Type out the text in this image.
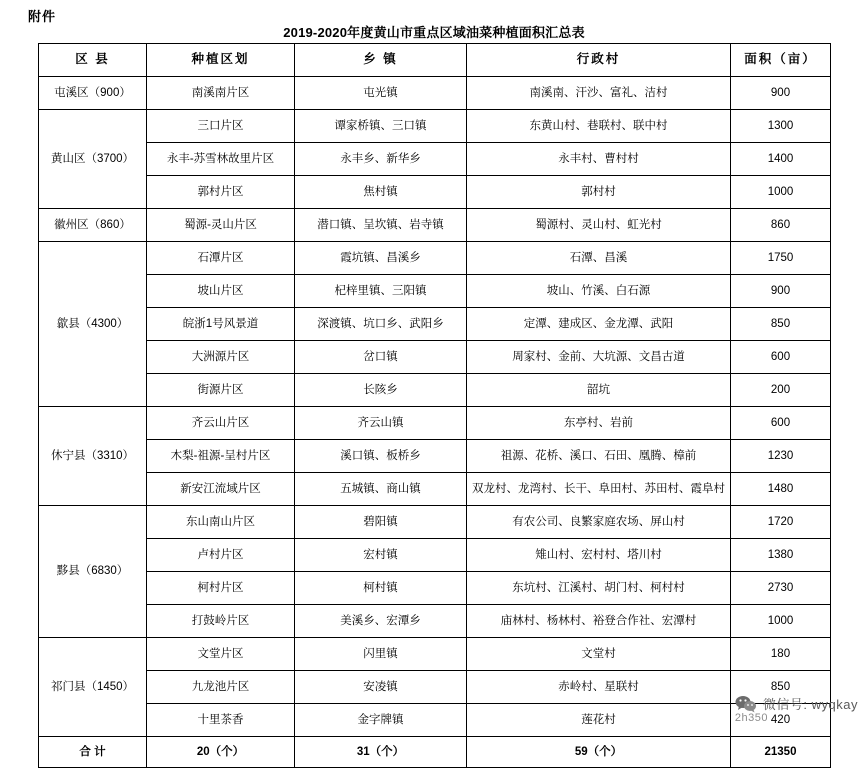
附件
2019-2020年度黄山市重点区域油菜种植面积汇总表
区 县	种植区划	乡 镇	行政村	面积（亩）
屯溪区（900）	南溪南片区	屯光镇	南溪南、汗沙、富礼、洁村	900
黄山区（3700）	三口片区	谭家桥镇、三口镇	东黄山村、巷联村、联中村	1300
	永丰-苏雪林故里片区	永丰乡、新华乡	永丰村、曹村村	1400
	郭村片区	焦村镇	郭村村	1000
徽州区（860）	蜀源-灵山片区	潜口镇、呈坎镇、岩寺镇	蜀源村、灵山村、虹光村	860
歙县（4300）	石潭片区	霞坑镇、昌溪乡	石潭、昌溪	1750
	坡山片区	杞梓里镇、三阳镇	坡山、竹溪、白石源	900
	皖浙1号风景道	深渡镇、坑口乡、武阳乡	定潭、建成区、金龙潭、武阳	850
	大洲源片区	岔口镇	周家村、金前、大坑源、文昌古道	600
	街源片区	长陔乡	韶坑	200
休宁县（3310）	齐云山片区	齐云山镇	东亭村、岩前	600
	木梨-祖源-呈村片区	溪口镇、板桥乡	祖源、花桥、溪口、石田、凰腾、樟前	1230
	新安江流域片区	五城镇、商山镇	双龙村、龙湾村、长干、阜田村、苏田村、霞阜村	1480
黟县（6830）	东山南山片区	碧阳镇	有农公司、良繁家庭农场、屏山村	1720
	卢村片区	宏村镇	雉山村、宏村村、塔川村	1380
	柯村片区	柯村镇	东坑村、江溪村、胡门村、柯村村	2730
	打鼓岭片区	美溪乡、宏潭乡	庙林村、杨林村、裕登合作社、宏潭村	1000
祁门县（1450）	文堂片区	闪里镇	文堂村	180
	九龙池片区	安凌镇	赤岭村、星联村	850
	十里茶香	金字牌镇	莲花村	420
合 计	20（个）	31（个）	59（个）	21350
微信号: wyqkay
2h350
